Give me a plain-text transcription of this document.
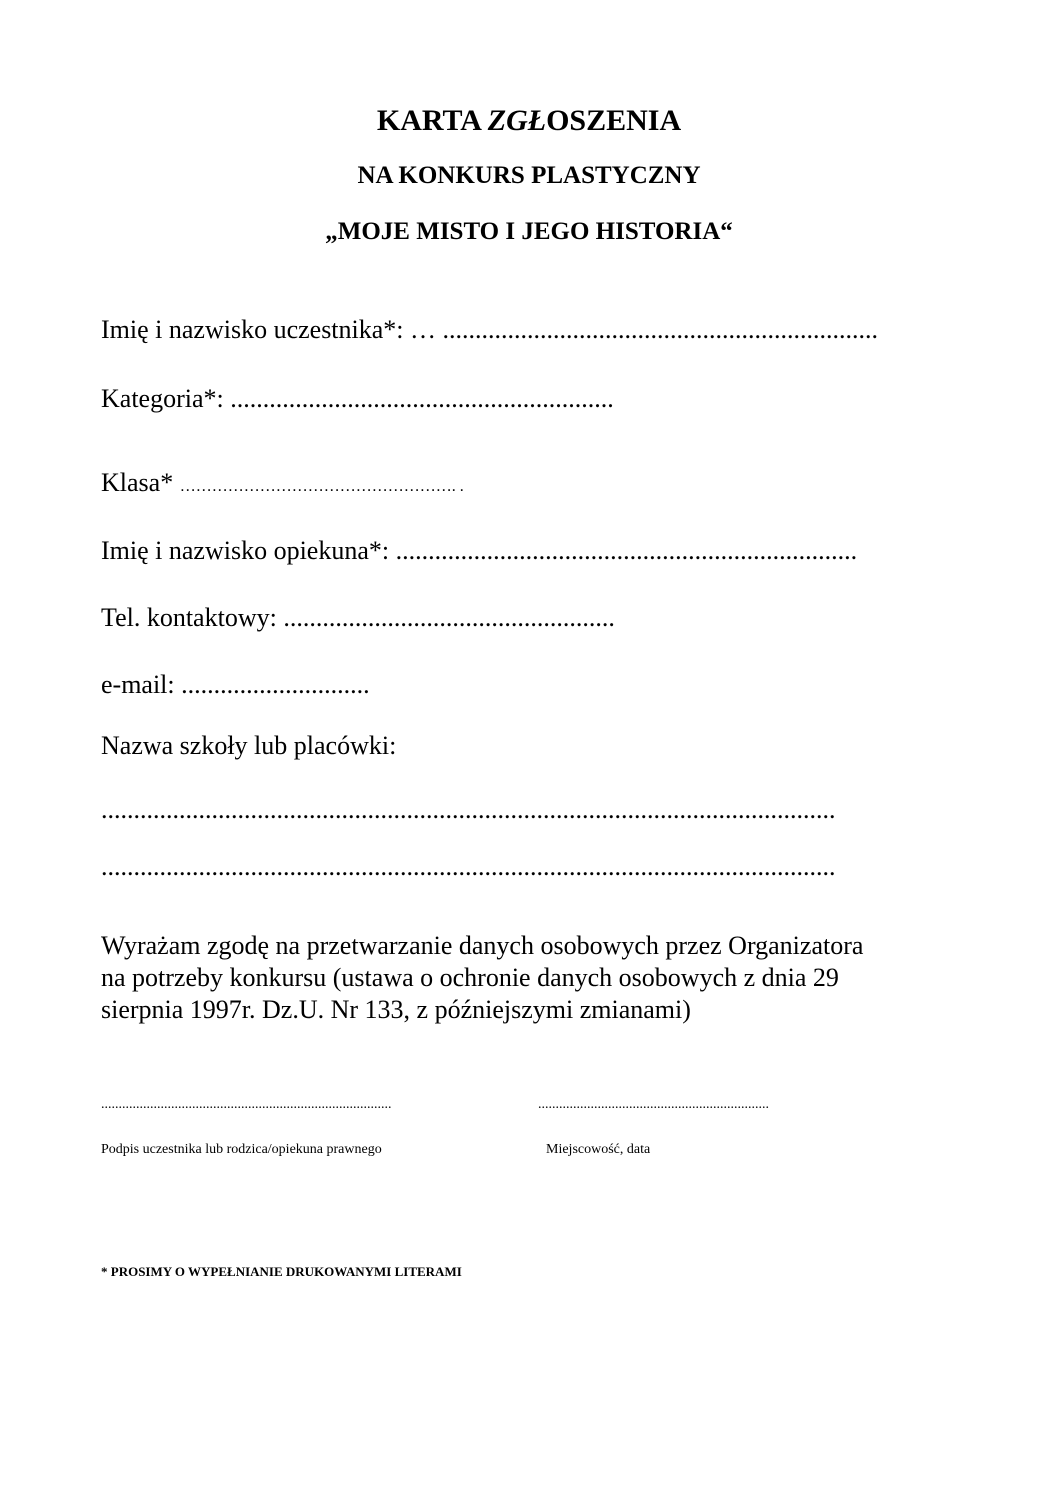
KARTA ZGŁOSZENIA
NA KONKURS PLASTYCZNY
„MOJE MISTO I JEGO HISTORIA“
Imię i nazwisko uczestnika*: … ...................................................................
Kategoria*: ...........................................................
Klasa* ……………………………………………. .
Imię i nazwisko opiekuna*: .......................................................................
Tel. kontaktowy: ...................................................
e-mail: .............................
Nazwa szkoły lub placówki:
.................................................................................................................
.................................................................................................................
Wyrażam zgodę na przetwarzanie danych osobowych przez Organizatora
na potrzeby konkursu (ustawa o ochronie danych osobowych z dnia 29
sierpnia 1997r. Dz.U. Nr 133, z późniejszymi zmianami)
...................................................................................	..................................................................
Podpis uczestnika lub rodzica/opiekuna prawnego	Miejscowość, data
* PROSIMY O WYPEŁNIANIE DRUKOWANYMI LITERAMI
